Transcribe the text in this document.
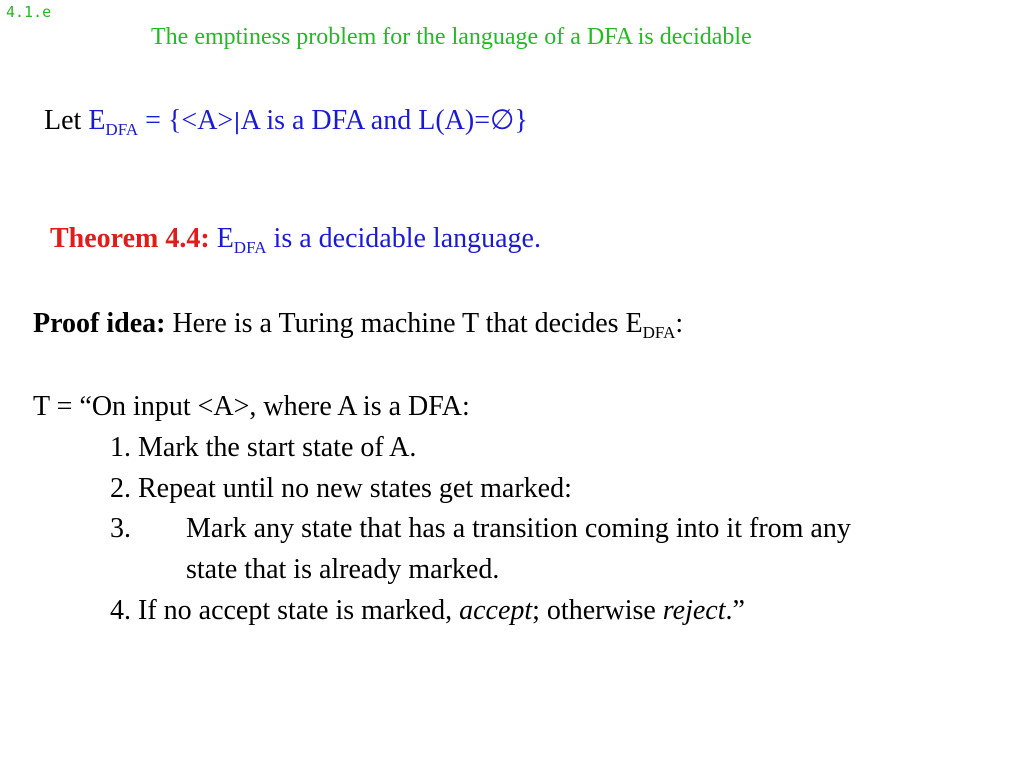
4.1.e
The emptiness problem for the language of a DFA is decidable
Let $E_{DFA} = \{<A>|A$ is a DFA and L(A)=∅}
Theorem 4.4: $E_{DFA}$ is a decidable language.
Proof idea: Here is a Turing machine T that decides $E_{DFA}$:
T = “On input <A>, where A is a DFA:
1. Mark the start state of A.
2. Repeat until no new states get marked:
3. Mark any state that has a transition coming into it from any
state that is already marked.
4. If no accept state is marked, accept; otherwise reject.”
